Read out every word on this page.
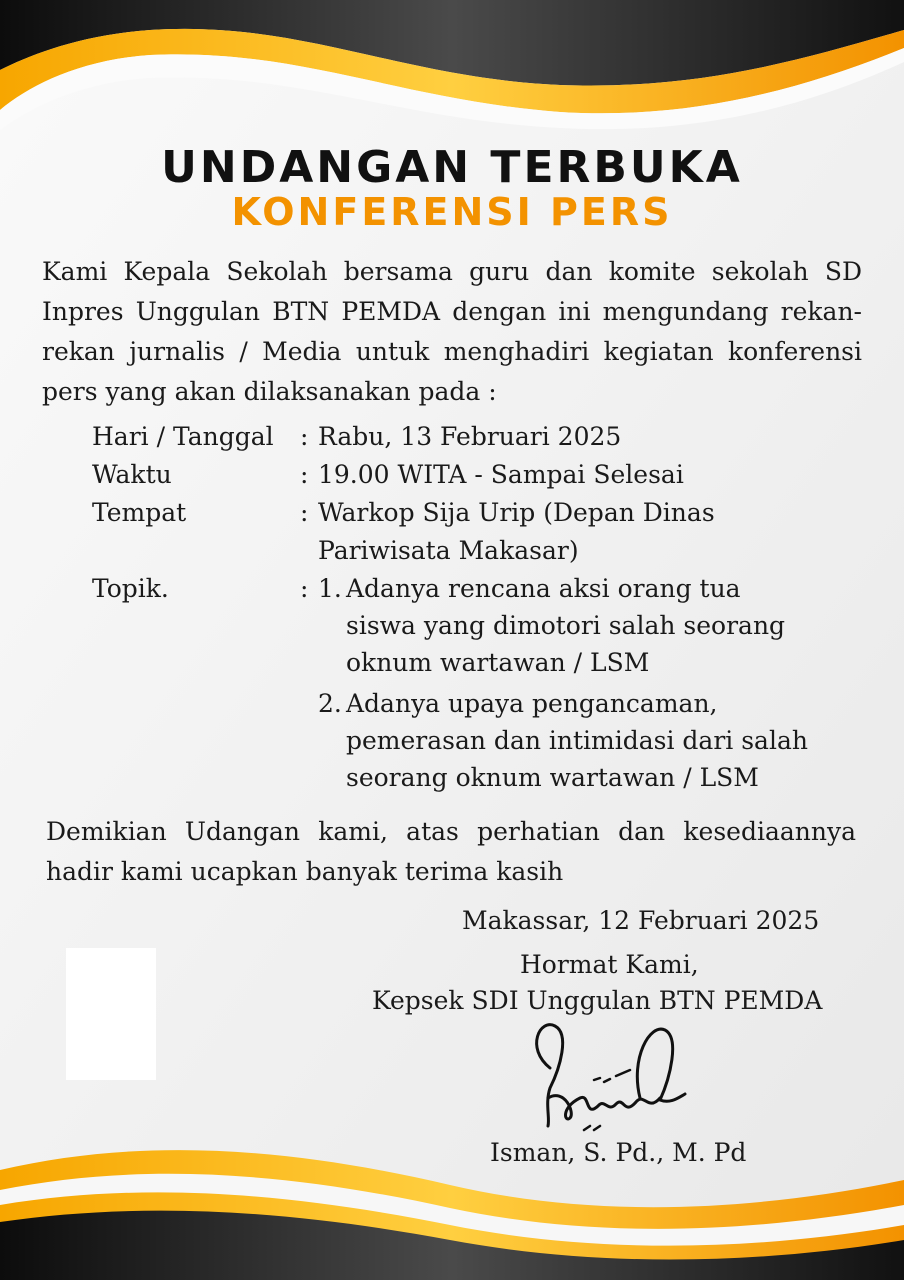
UNDANGAN TERBUKA
KONFERENSI PERS
Kami Kepala Sekolah bersama guru dan komite sekolah SD Inpres Unggulan BTN PEMDA dengan ini mengundang rekan-rekan jurnalis / Media untuk menghadiri kegiatan konferensi pers yang akan dilaksanakan pada :
Hari / Tanggal : Rabu, 13 Februari 2025
Waktu	: 19.00 WITA - Sampai Selesai
Tempat	: Warkop Sija Urip (Depan Dinas
Pariwisata Makasar)
Topik.	: 1. Adanya rencana aksi orang tua
siswa yang dimotori salah seorang
oknum wartawan / LSM
2. Adanya upaya pengancaman,
pemerasan dan intimidasi dari salah
seorang oknum wartawan / LSM
Demikian Udangan kami, atas perhatian dan kesediaannya hadir kami ucapkan banyak terima kasih
Makassar, 12 Februari 2025
Hormat Kami,
Kepsek SDI Unggulan BTN PEMDA
Isman, S. Pd., M. Pd
